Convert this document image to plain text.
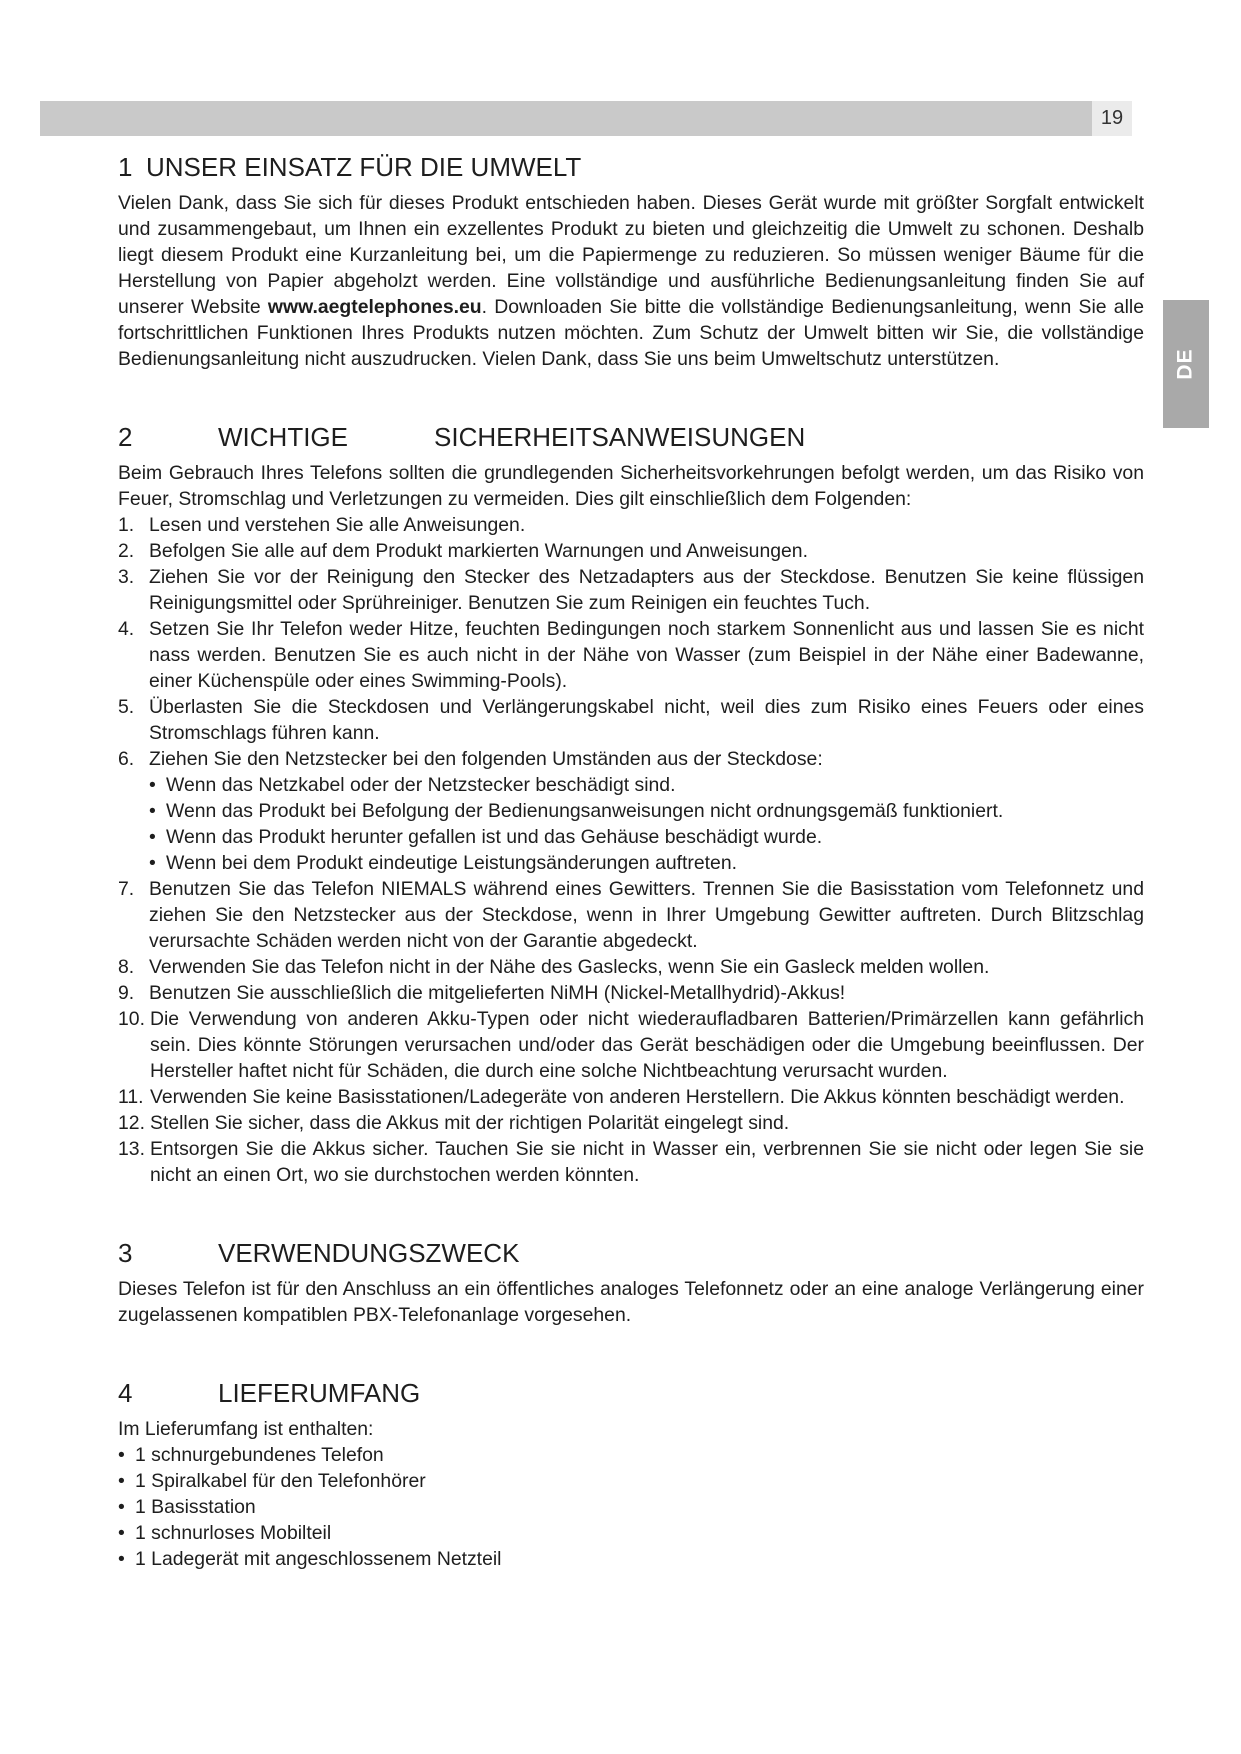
19
DE
1 UNSER EINSATZ FÜR DIE UMWELT

Vielen Dank, dass Sie sich für dieses Produkt entschieden haben. Dieses Gerät wurde mit größter Sorgfalt entwickelt und zusammengebaut, um Ihnen ein exzellentes Produkt zu bieten und gleichzeitig die Umwelt zu schonen. Deshalb liegt diesem Produkt eine Kurzanleitung bei, um die Papiermenge zu reduzieren. So müssen weniger Bäume für die Herstellung von Papier abgeholzt werden. Eine vollständige und ausführliche Bedienungsanleitung finden Sie auf unserer Website www.aegtelephones.eu. Downloaden Sie bitte die vollständige Bedienungsanleitung, wenn Sie alle fortschrittlichen Funktionen Ihres Produkts nutzen möchten. Zum Schutz der Umwelt bitten wir Sie, die vollständige Bedienungsanleitung nicht auszudrucken. Vielen Dank, dass Sie uns beim Umweltschutz unterstützen.

2	WICHTIGE	SICHERHEITSANWEISUNGEN

Beim Gebrauch Ihres Telefons sollten die grundlegenden Sicherheitsvorkehrungen befolgt werden, um das Risiko von Feuer, Stromschlag und Verletzungen zu vermeiden. Dies gilt einschließlich dem Folgenden:

1. Lesen und verstehen Sie alle Anweisungen.
2. Befolgen Sie alle auf dem Produkt markierten Warnungen und Anweisungen.
3. Ziehen Sie vor der Reinigung den Stecker des Netzadapters aus der Steckdose. Benutzen Sie keine flüssigen Reinigungsmittel oder Sprühreiniger. Benutzen Sie zum Reinigen ein feuchtes Tuch.
4. Setzen Sie Ihr Telefon weder Hitze, feuchten Bedingungen noch starkem Sonnenlicht aus und lassen Sie es nicht nass werden. Benutzen Sie es auch nicht in der Nähe von Wasser (zum Beispiel in der Nähe einer Badewanne, einer Küchenspüle oder eines Swimming-Pools).
5. Überlasten Sie die Steckdosen und Verlängerungskabel nicht, weil dies zum Risiko eines Feuers oder eines Stromschlags führen kann.
6. Ziehen Sie den Netzstecker bei den folgenden Umständen aus der Steckdose:
• Wenn das Netzkabel oder der Netzstecker beschädigt sind.
• Wenn das Produkt bei Befolgung der Bedienungsanweisungen nicht ordnungsgemäß funktioniert.
• Wenn das Produkt herunter gefallen ist und das Gehäuse beschädigt wurde.
• Wenn bei dem Produkt eindeutige Leistungsänderungen auftreten.
7. Benutzen Sie das Telefon NIEMALS während eines Gewitters. Trennen Sie die Basisstation vom Telefonnetz und ziehen Sie den Netzstecker aus der Steckdose, wenn in Ihrer Umgebung Gewitter auftreten. Durch Blitzschlag verursachte Schäden werden nicht von der Garantie abgedeckt.
8. Verwenden Sie das Telefon nicht in der Nähe des Gaslecks, wenn Sie ein Gasleck melden wollen.
9. Benutzen Sie ausschließlich die mitgelieferten NiMH (Nickel-Metallhydrid)-Akkus!
10. Die Verwendung von anderen Akku-Typen oder nicht wiederaufladbaren Batterien/Primärzellen kann gefährlich sein. Dies könnte Störungen verursachen und/oder das Gerät beschädigen oder die Umgebung beeinflussen. Der Hersteller haftet nicht für Schäden, die durch eine solche Nichtbeachtung verursacht wurden.
11. Verwenden Sie keine Basisstationen/Ladegeräte von anderen Herstellern. Die Akkus könnten beschädigt werden.
12. Stellen Sie sicher, dass die Akkus mit der richtigen Polarität eingelegt sind.
13. Entsorgen Sie die Akkus sicher. Tauchen Sie sie nicht in Wasser ein, verbrennen Sie sie nicht oder legen Sie sie nicht an einen Ort, wo sie durchstochen werden könnten.
3	VERWENDUNGSZWECK

Dieses Telefon ist für den Anschluss an ein öffentliches analoges Telefonnetz oder an eine analoge Verlängerung einer zugelassenen kompatiblen PBX-Telefonanlage vorgesehen.

4	LIEFERUMFANG

Im Lieferumfang ist enthalten:

• 1 schnurgebundenes Telefon
• 1 Spiralkabel für den Telefonhörer
• 1 Basisstation
• 1 schnurloses Mobilteil
• 1 Ladegerät mit angeschlossenem Netzteil
